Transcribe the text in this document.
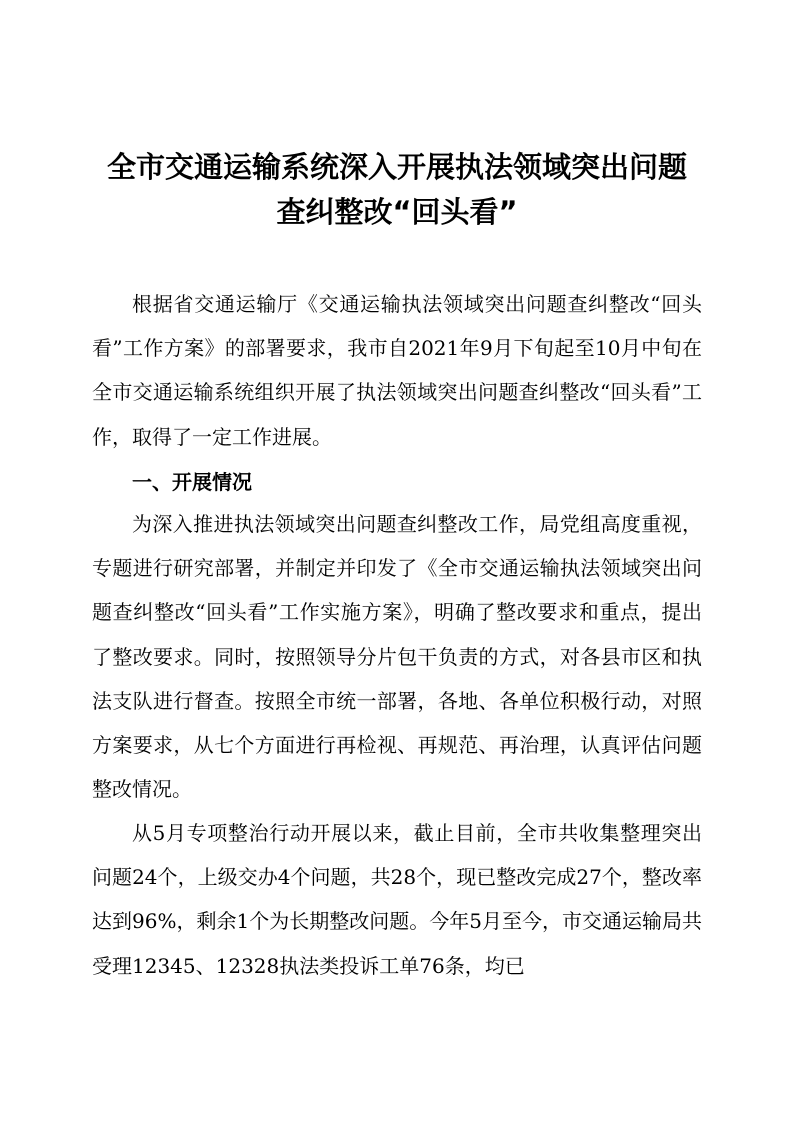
全市交通运输系统深入开展执法领域突出问题
查纠整改“回头看”

根据省交通运输厅《交通运输执法领域突出问题查纠整改“回头看”工作方案》的部署要求，我市自2021年9月下旬起至10月中旬在全市交通运输系统组织开展了执法领域突出问题查纠整改“回头看”工作，取得了一定工作进展。

一、开展情况

为深入推进执法领域突出问题查纠整改工作，局党组高度重视，专题进行研究部署，并制定并印发了《全市交通运输执法领域突出问题查纠整改“回头看”工作实施方案》，明确了整改要求和重点，提出了整改要求。同时，按照领导分片包干负责的方式，对各县市区和执法支队进行督查。按照全市统一部署，各地、各单位积极行动，对照方案要求，从七个方面进行再检视、再规范、再治理，认真评估问题整改情况。

从5月专项整治行动开展以来，截止目前，全市共收集整理突出问题24个，上级交办4个问题，共28个，现已整改完成27个，整改率达到96%，剩余1个为长期整改问题。今年5月至今，市交通运输局共受理12345、12328执法类投诉工单76条，均已
